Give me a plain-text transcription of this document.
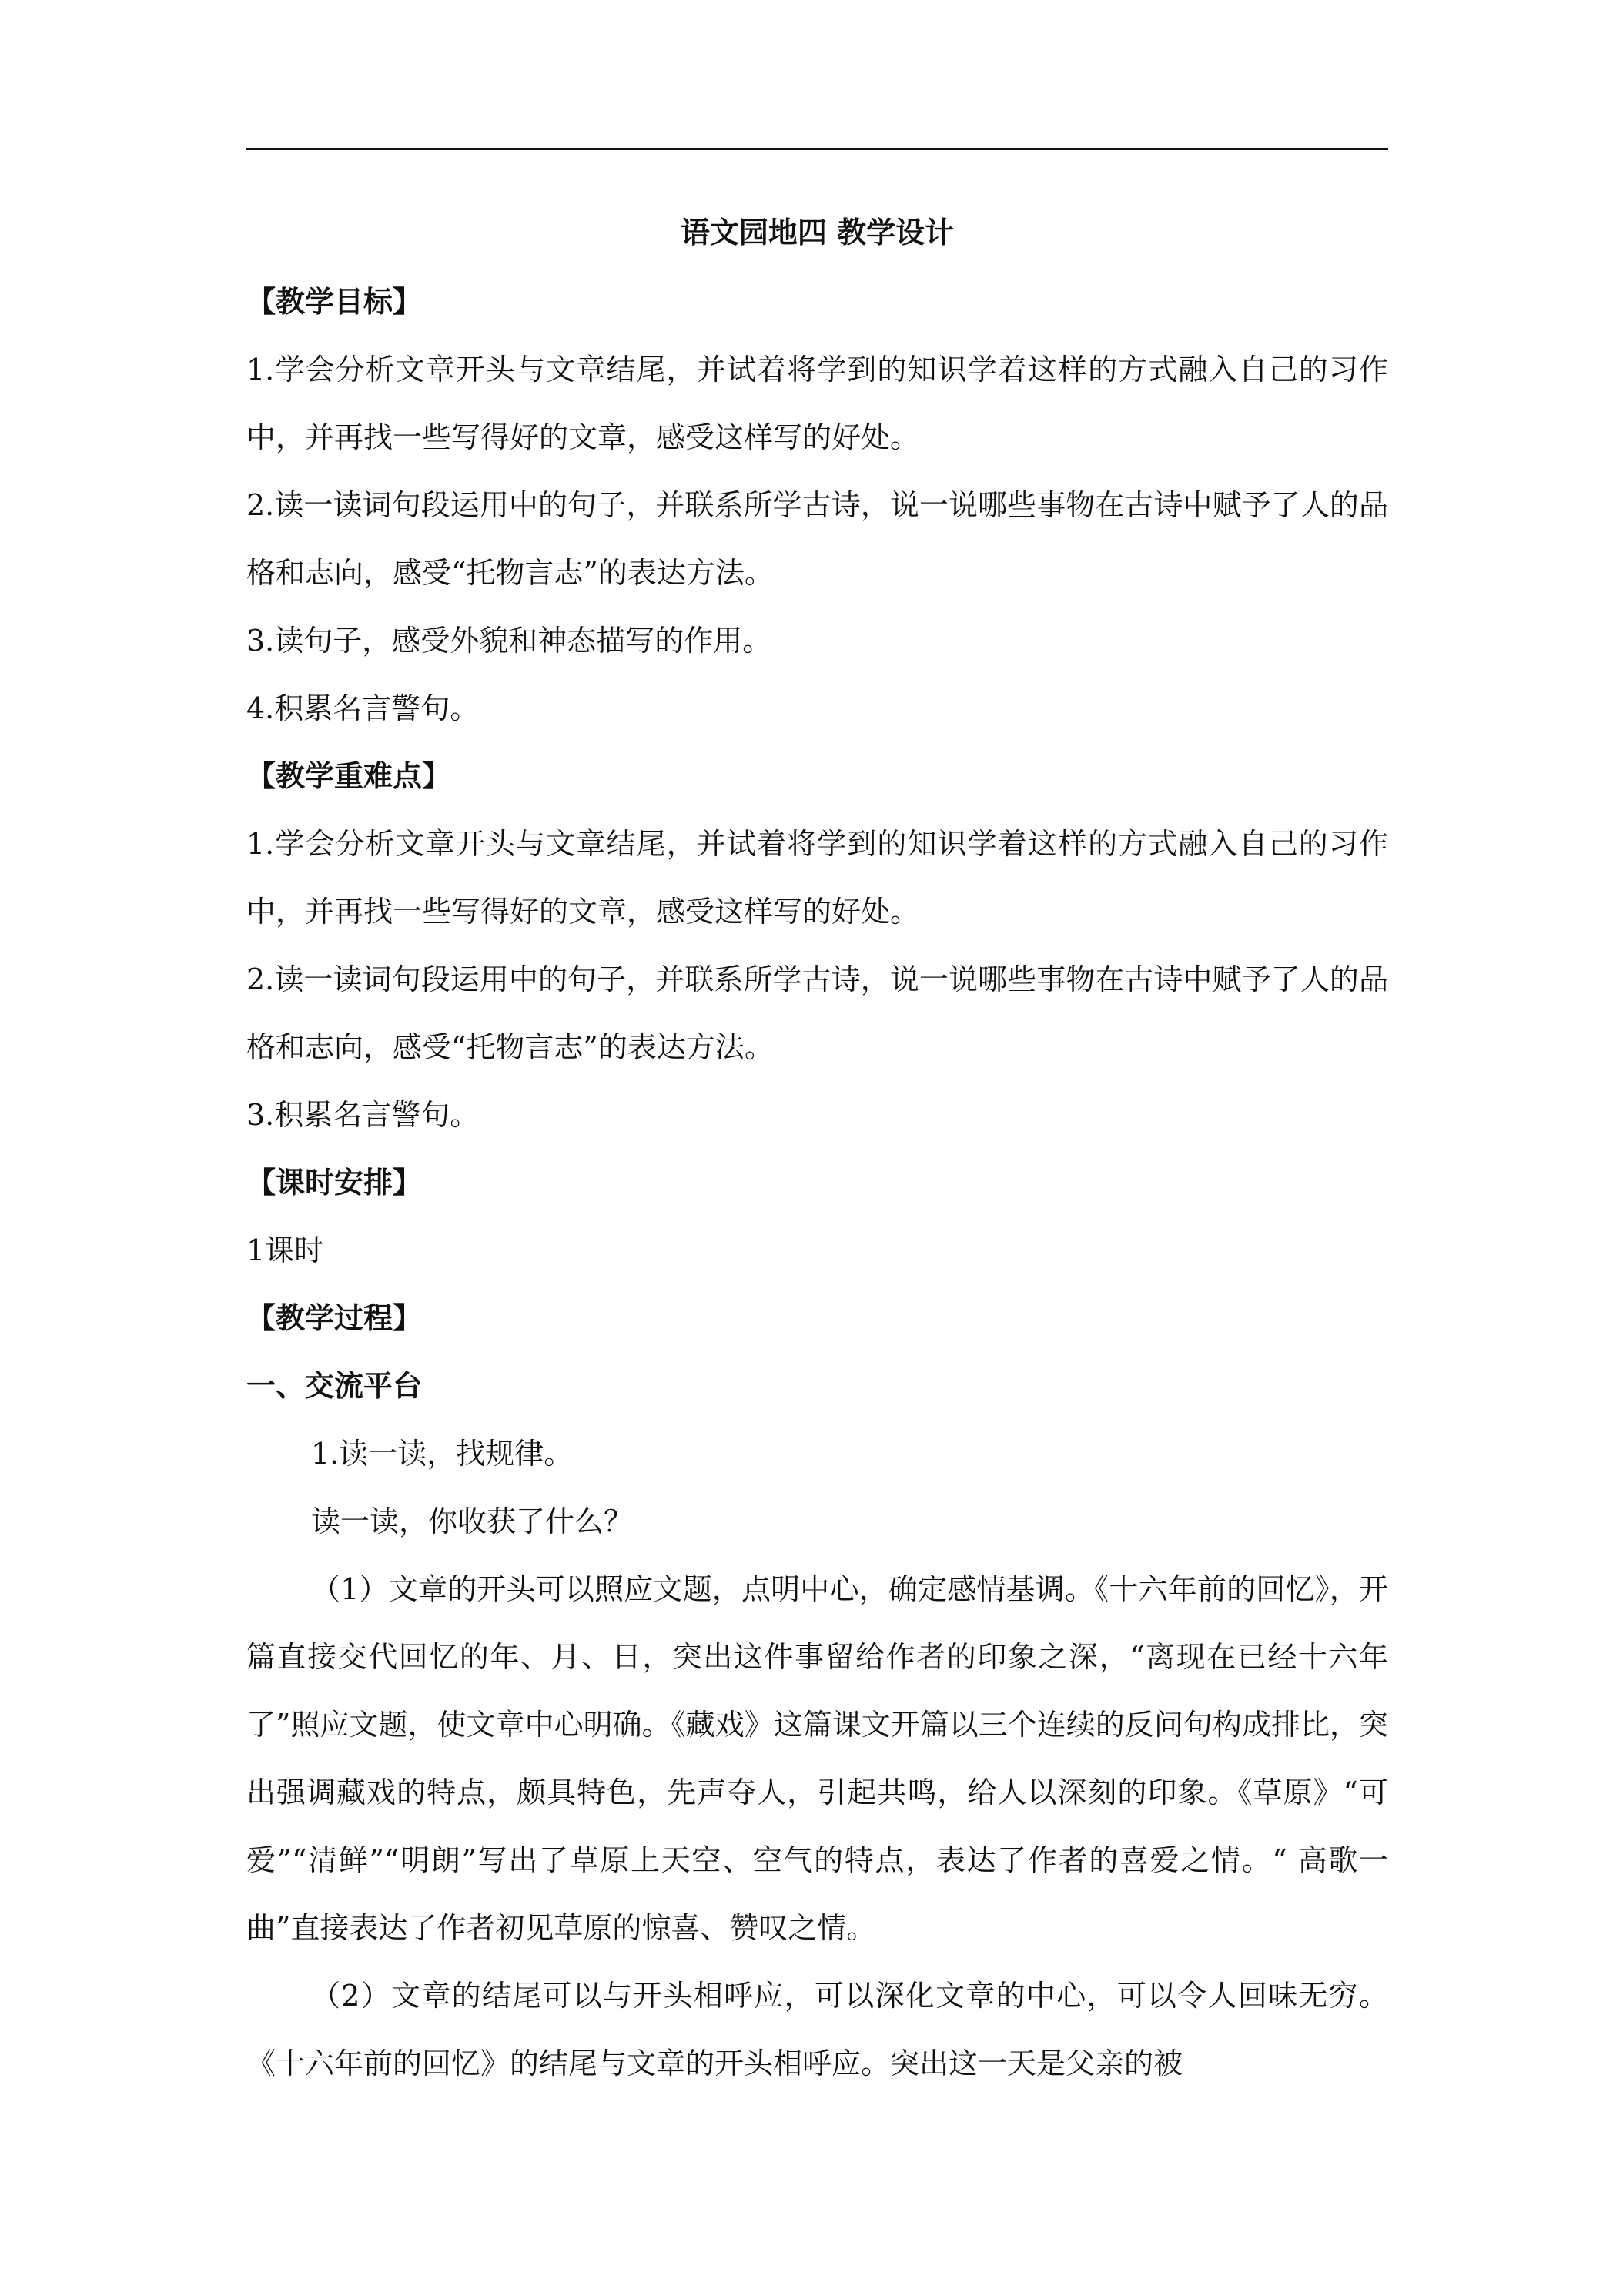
语文园地四 教学设计

【教学目标】

1.学会分析文章开头与文章结尾，并试着将学到的知识学着这样的方式融入自己的习作中，并再找一些写得好的文章，感受这样写的好处。

2.读一读词句段运用中的句子，并联系所学古诗，说一说哪些事物在古诗中赋予了人的品格和志向，感受“托物言志”的表达方法。

3.读句子，感受外貌和神态描写的作用。

4.积累名言警句。

【教学重难点】

1.学会分析文章开头与文章结尾，并试着将学到的知识学着这样的方式融入自己的习作中，并再找一些写得好的文章，感受这样写的好处。

2.读一读词句段运用中的句子，并联系所学古诗，说一说哪些事物在古诗中赋予了人的品格和志向，感受“托物言志”的表达方法。

3.积累名言警句。

【课时安排】

1课时

【教学过程】

一、交流平台

1.读一读，找规律。

读一读，你收获了什么？

（1）文章的开头可以照应文题，点明中心，确定感情基调。《十六年前的回忆》，开篇直接交代回忆的年、月、日，突出这件事留给作者的印象之深，“离现在已经十六年了”照应文题，使文章中心明确。《藏戏》这篇课文开篇以三个连续的反问句构成排比，突出强调藏戏的特点，颇具特色，先声夺人，引起共鸣，给人以深刻的印象。《草原》“可爱”“清鲜”“明朗”写出了草原上天空、空气的特点，表达了作者的喜爱之情。“ 高歌一曲”直接表达了作者初见草原的惊喜、赞叹之情。

（2）文章的结尾可以与开头相呼应，可以深化文章的中心，可以令人回味无穷。《十六年前的回忆》的结尾与文章的开头相呼应。突出这一天是父亲的被
